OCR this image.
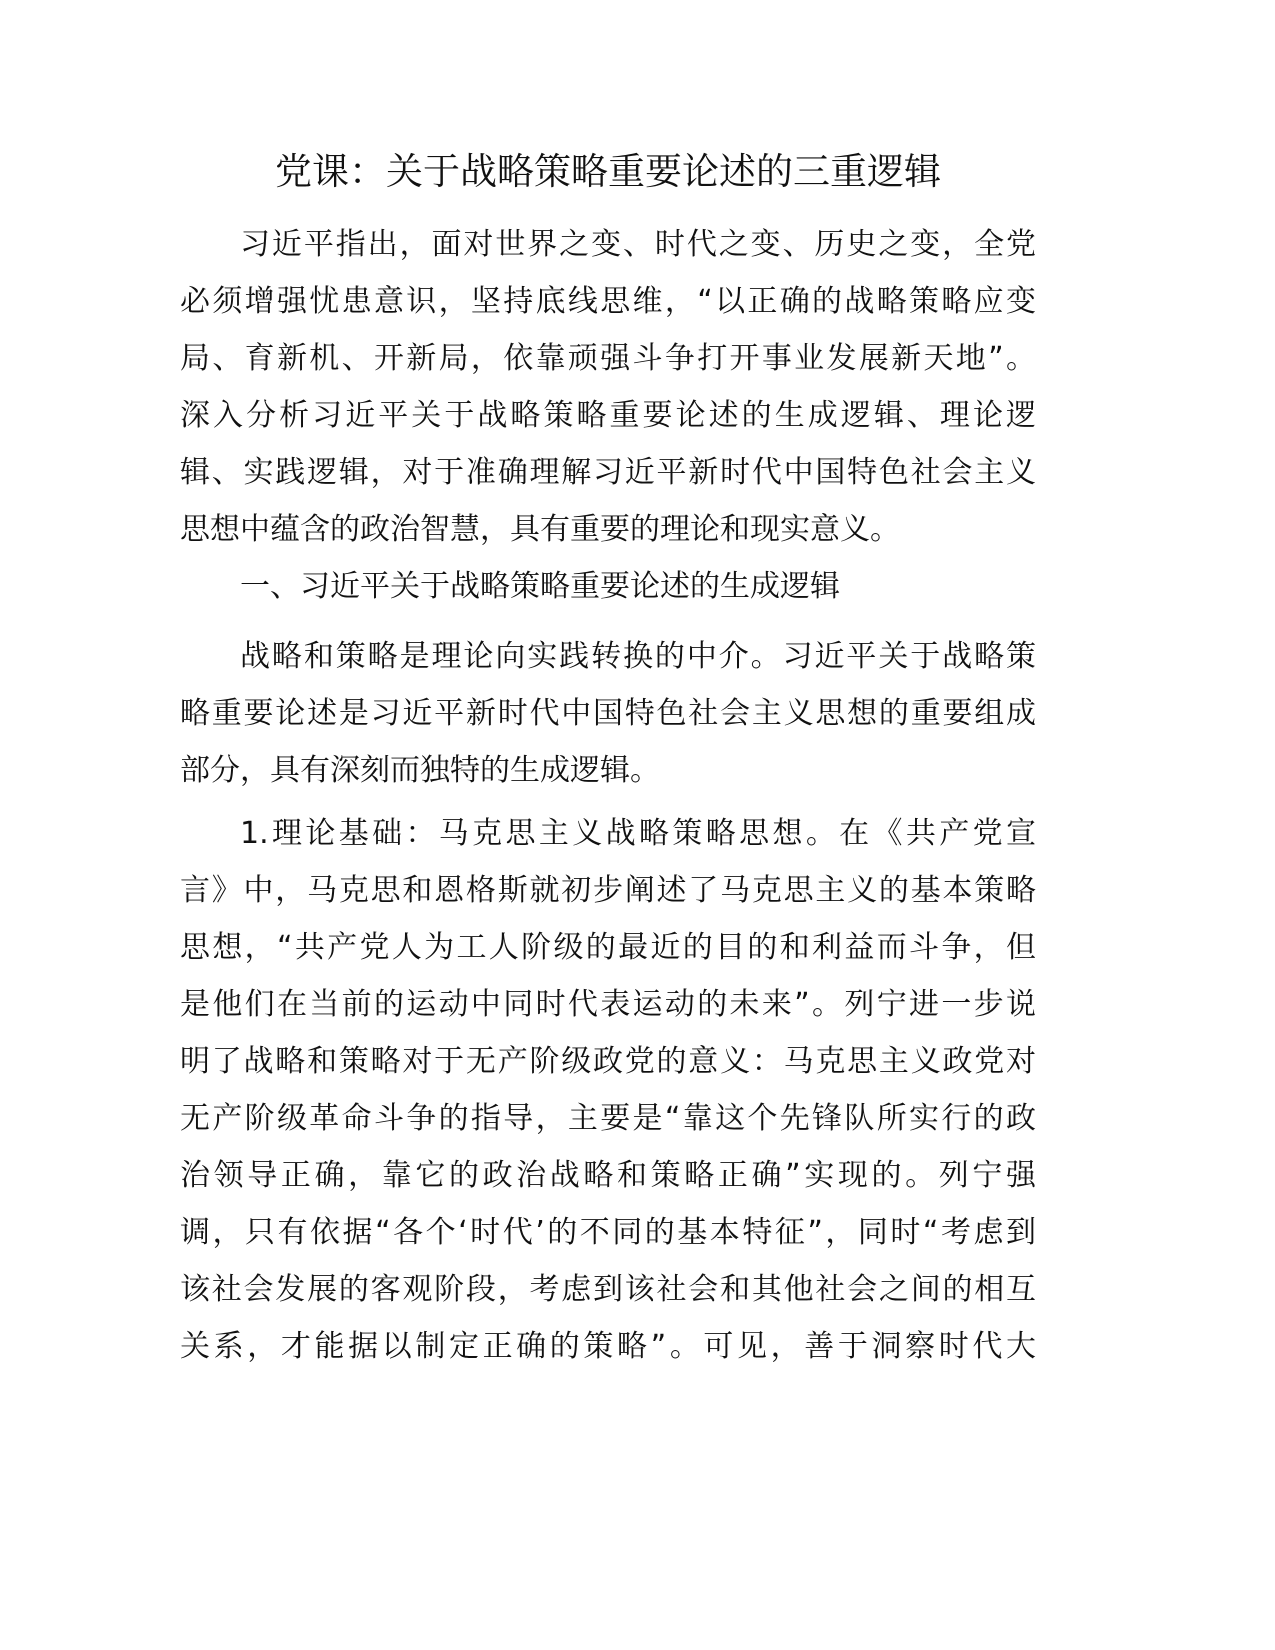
党课：关于战略策略重要论述的三重逻辑
习近平指出，面对世界之变、时代之变、历史之变，全党
必须增强忧患意识，坚持底线思维，“以正确的战略策略应变
局、育新机、开新局，依靠顽强斗争打开事业发展新天地”。
深入分析习近平关于战略策略重要论述的生成逻辑、理论逻
辑、实践逻辑，对于准确理解习近平新时代中国特色社会主义
思想中蕴含的政治智慧，具有重要的理论和现实意义。
一、习近平关于战略策略重要论述的生成逻辑
战略和策略是理论向实践转换的中介。习近平关于战略策
略重要论述是习近平新时代中国特色社会主义思想的重要组成
部分，具有深刻而独特的生成逻辑。
1.理论基础：马克思主义战略策略思想。在《共产党宣
言》中，马克思和恩格斯就初步阐述了马克思主义的基本策略
思想，“共产党人为工人阶级的最近的目的和利益而斗争，但
是他们在当前的运动中同时代表运动的未来”。列宁进一步说
明了战略和策略对于无产阶级政党的意义：马克思主义政党对
无产阶级革命斗争的指导，主要是“靠这个先锋队所实行的政
治领导正确，靠它的政治战略和策略正确”实现的。列宁强
调，只有依据“各个‘时代’的不同的基本特征”，同时“考虑到
该社会发展的客观阶段，考虑到该社会和其他社会之间的相互
关系，才能据以制定正确的策略”。可见，善于洞察时代大
